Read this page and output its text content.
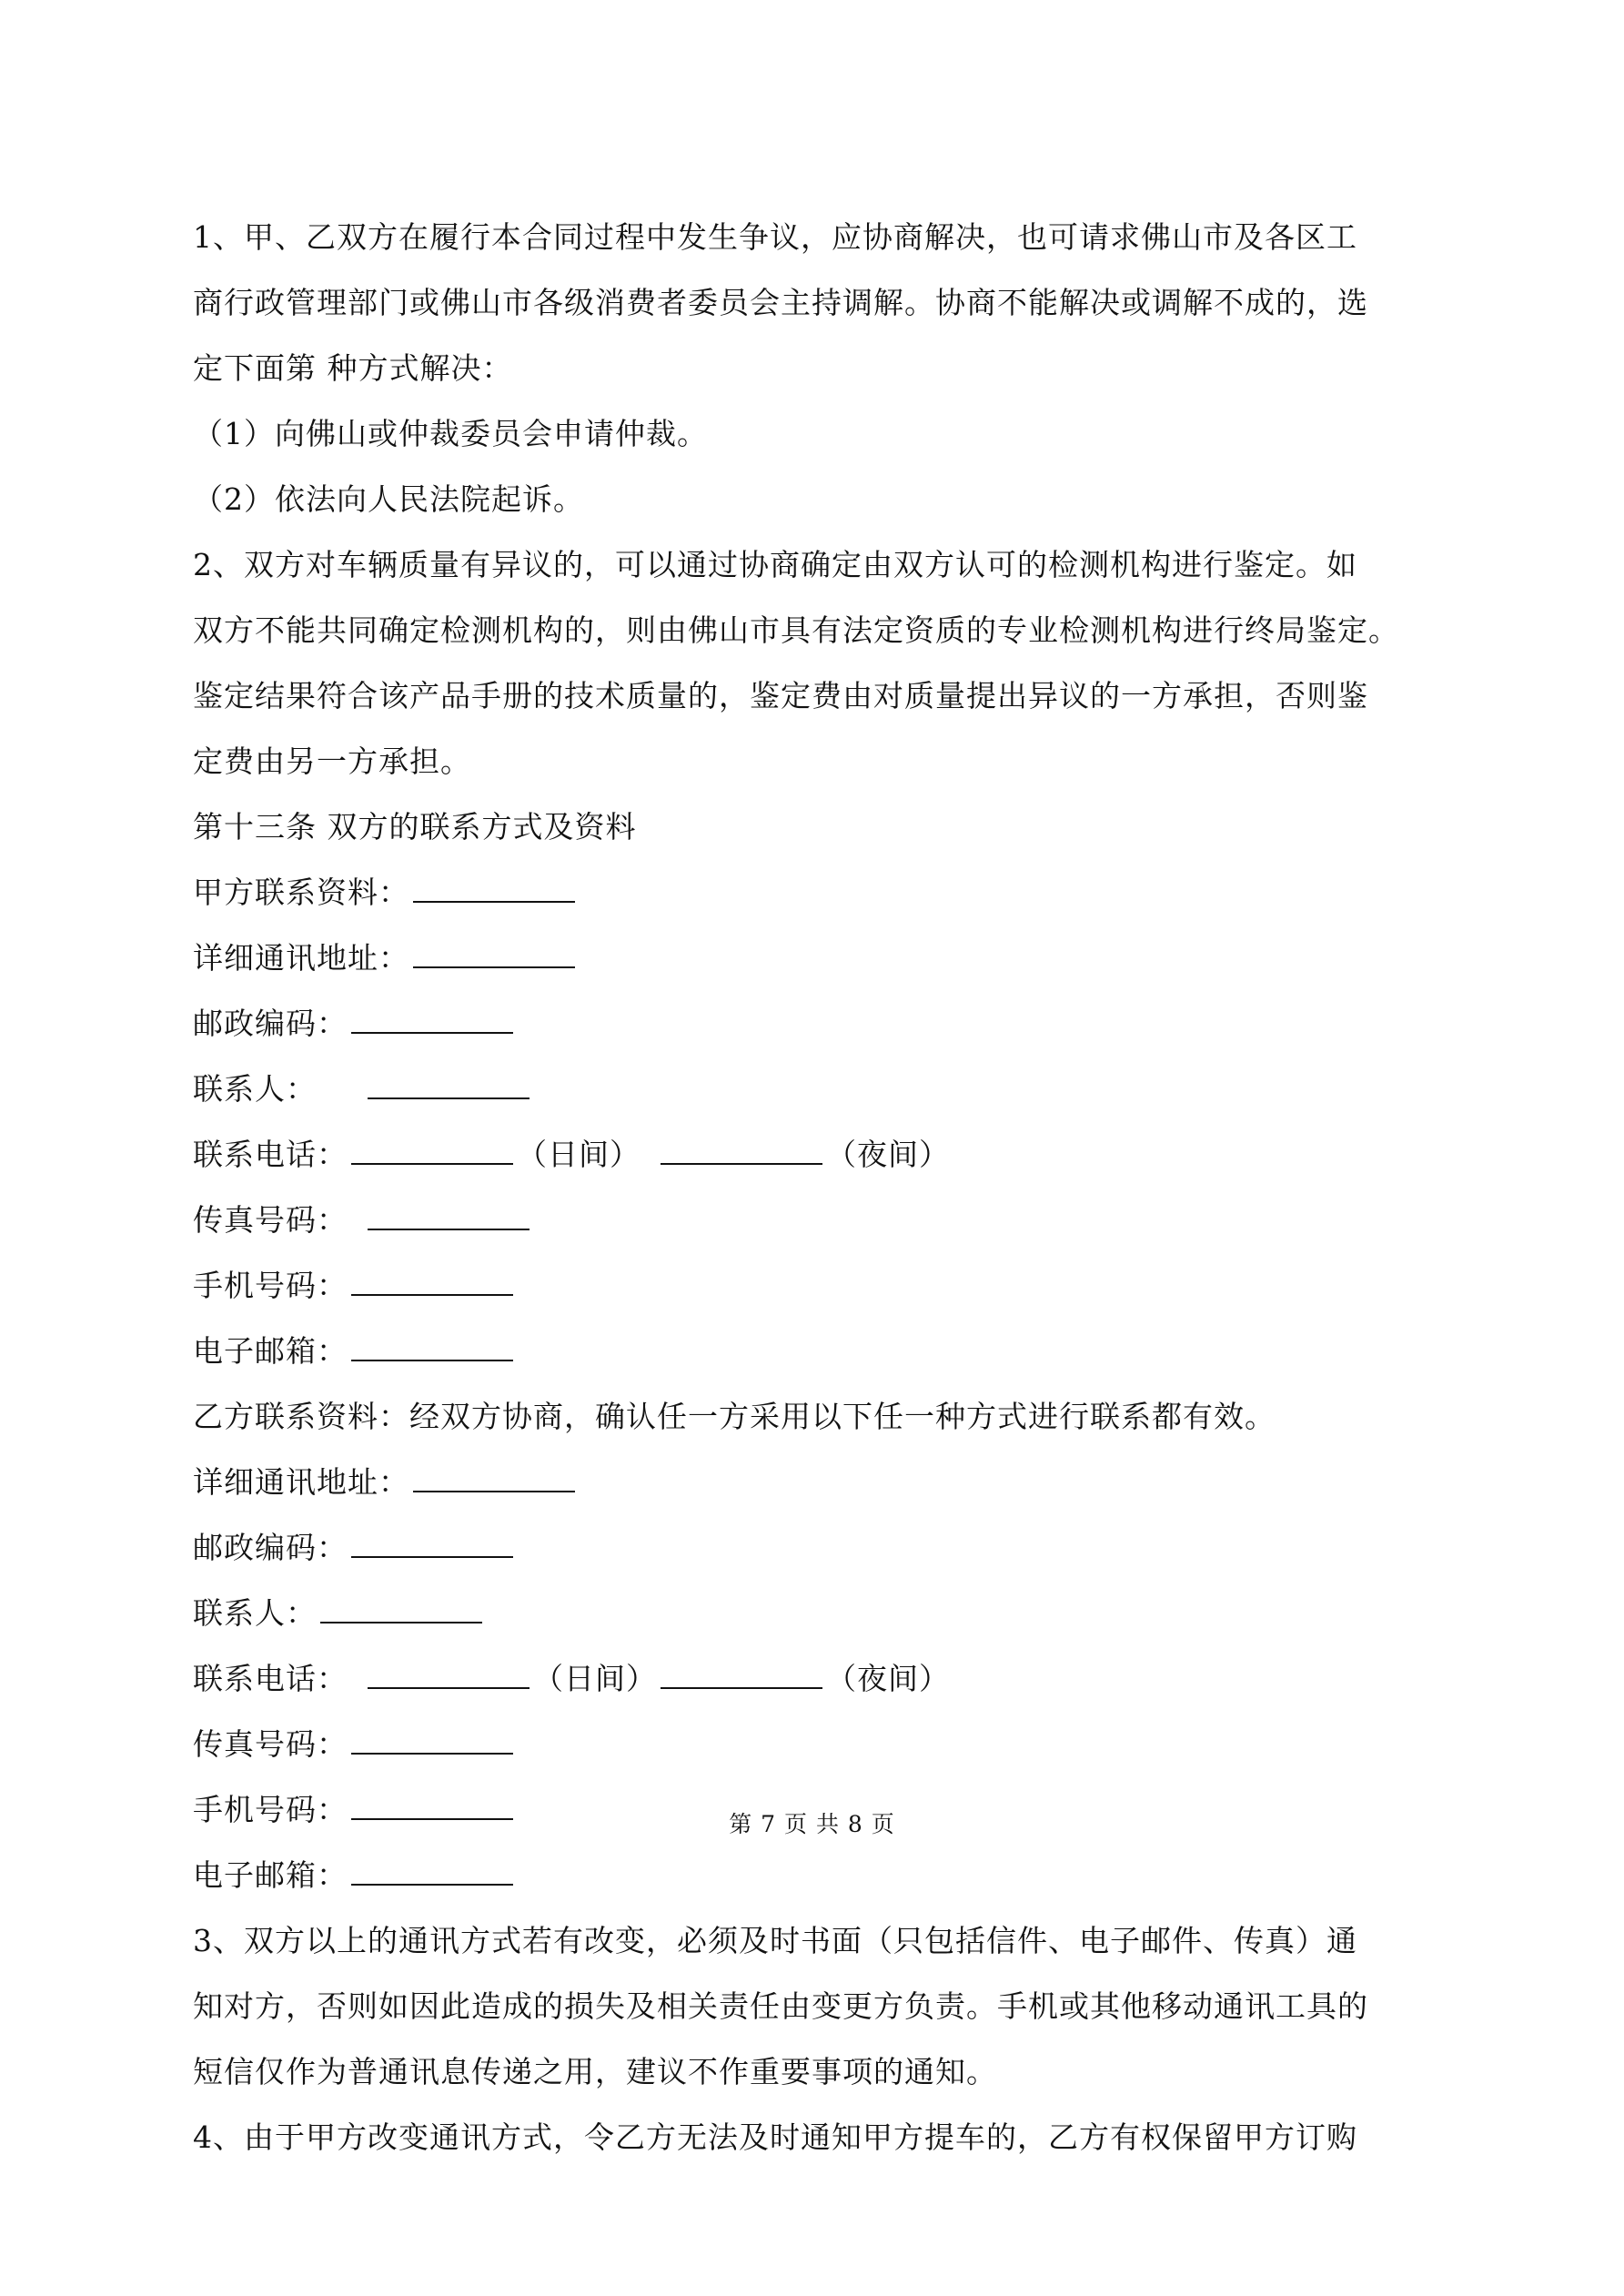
1、甲、乙双方在履行本合同过程中发生争议，应协商解决，也可请求佛山市及各区工
商行政管理部门或佛山市各级消费者委员会主持调解。协商不能解决或调解不成的，选
定下面第 种方式解决：
（1）向佛山或仲裁委员会申请仲裁。
（2）依法向人民法院起诉。
2、双方对车辆质量有异议的，可以通过协商确定由双方认可的检测机构进行鉴定。如
双方不能共同确定检测机构的，则由佛山市具有法定资质的专业检测机构进行终局鉴定。
鉴定结果符合该产品手册的技术质量的，鉴定费由对质量提出异议的一方承担，否则鉴
定费由另一方承担。
第十三条 双方的联系方式及资料
甲方联系资料：
详细通讯地址：
邮政编码：
联系人：
联系电话：	（日间）	（夜间）
传真号码：
手机号码：
电子邮箱：
乙方联系资料：经双方协商，确认任一方采用以下任一种方式进行联系都有效。
详细通讯地址：
邮政编码：
联系人：
联系电话：	（日间）	（夜间）
传真号码：
手机号码：
电子邮箱：
3、双方以上的通讯方式若有改变，必须及时书面（只包括信件、电子邮件、传真）通
知对方，否则如因此造成的损失及相关责任由变更方负责。手机或其他移动通讯工具的
短信仅作为普通讯息传递之用，建议不作重要事项的通知。
4、由于甲方改变通讯方式，令乙方无法及时通知甲方提车的，乙方有权保留甲方订购
第 7 页 共 8 页
